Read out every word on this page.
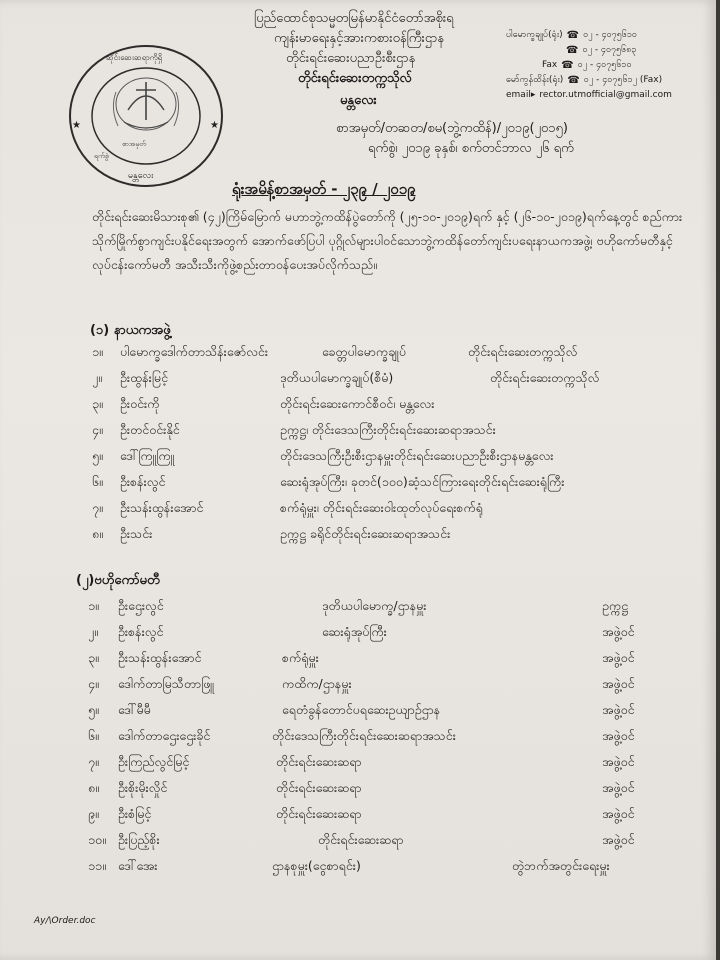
★	★
ဆိုင်းဆေးဆရာကိုရှိ
စာအမှတ်
ရက်စွဲ
မန္တလေး
ပြည်ထောင်စုသမ္မတမြန်မာနိုင်ငံတော်အစိုးရ
ကျန်းမာရေးနှင့်အားကစားဝန်ကြီးဌာန
တိုင်းရင်းဆေးပညာဦးစီးဌာန
တိုင်းရင်းဆေးတက္ကသိုလ်
မန္တလေး
စာအမှတ်/တဆတ/စမ(ဘွဲ့ကထိန်)/၂၀၁၉(၂၀၁၅)
ရက်စွဲ၊ ၂၀၁၉ ခုနှစ်၊ စက်တင်ဘာလ ၂၆ ရက်
ပါမောက္ခချုပ်(ရုံး) ☎ ၀၂ - ၄၀၇၅၆၁၀
☎ ၀၂ - ၄၀၇၅၆၈၃
Fax ☎ ၀၂ - ၄၀၇၅၆၁၀
မော်ကွန်ထိန်း(ရုံး) ☎ ၀၂ - ၄၀၇၅၆၁၂ (Fax)
email▸ rector.utmofficial@gmail.com
ရုံးအမိန့်စာအမှတ် - ၂၃၉ / ၂၀၁၉
တိုင်းရင်းဆေးမိသားစု၏ (၄၂)ကြိမ်မြောက် မဟာဘွဲ့ကထိန်ပွဲတော်ကို (၂၅-၁၀-၂၀၁၉)ရက် နှင့် (၂၆-၁၀-၂၀၁၉)ရက်နေ့တွင် စည်ကားသိုက်မြိုက်စွာကျင်းပနိုင်ရေးအတွက် အောက်ဖော်ပြပါ ပုဂ္ဂိုလ်များပါဝင်သောဘွဲ့ကထိန်တော်ကျင်းပရေးနာယကအဖွဲ့၊ ဗဟိုကော်မတီနှင့် လုပ်ငန်းကော်မတီ အသီးသီးကိုဖွဲ့စည်းတာဝန်ပေးအပ်လိုက်သည်။
(၁) နာယကအဖွဲ့
၁။ ပါမောက္ခဒေါက်တာသိန်းဇော်လင်း	ခေတ္တပါမောက္ခချုပ်	တိုင်းရင်းဆေးတက္ကသိုလ်
၂။ ဦးထွန်းမြင့်	ဒုတိယပါမောက္ခချုပ်(စီမံ)	တိုင်းရင်းဆေးတက္ကသိုလ်
၃။ ဦးဝင်းကို	တိုင်းရင်းဆေးကောင်စီဝင်၊ မန္တလေး
၄။ ဦးတင်ဝင်းနိုင်	ဥက္ကဋ္ဌ၊ တိုင်းဒေသကြီးတိုင်းရင်းဆေးဆရာအသင်း
၅။ ဒေါ်ကြူကြူ	တိုင်းဒေသကြီးဦးစီးဌာနမှူးတိုင်းရင်းဆေးပညာဦးစီးဌာနမန္တလေး
၆။ ဦးစန်းလွင်	ဆေးရုံအုပ်ကြီး၊ ခုတင်(၁၀၀)ဆံ့သင်ကြားရေးတိုင်းရင်းဆေးရုံကြီး
၇။ ဦးသန်းထွန်းအောင်	စက်ရုံမှူး၊ တိုင်းရင်းဆေးဝါးထုတ်လုပ်ရေးစက်ရုံ
၈။ ဦးသင်း	ဥက္ကဋ္ဌ ခရိုင်တိုင်းရင်းဆေးဆရာအသင်း
(၂)ဗဟိုကော်မတီ
၁။ ဦးဌေးလွင်	ဒုတိယပါမောက္ခ/ဌာနမှူး	ဥက္ကဋ္ဌ
၂။ ဦးစန်းလွင်	ဆေးရုံအုပ်ကြီး	အဖွဲ့ဝင်
၃။ ဦးသန်းထွန်းအောင်	စက်ရုံမှူး	အဖွဲ့ဝင်
၄။ ဒေါက်တာမြသီတာဖြူ	ကထိက/ဌာနမှူး	အဖွဲ့ဝင်
၅။ ဒေါ်မီမီ	ရေတံခွန်တောင်ပရဆေးဥယျာဉ်ဌာန	အဖွဲ့ဝင်
၆။ ဒေါက်တာဌေးဌေးခိုင်	တိုင်းဒေသကြီးတိုင်းရင်းဆေးဆရာအသင်း	အဖွဲ့ဝင်
၇။ ဦးကြည်လွင်မြင့်	တိုင်းရင်းဆေးဆရာ	အဖွဲ့ဝင်
၈။ ဦးစိုးမိုးလှိုင်	တိုင်းရင်းဆေးဆရာ	အဖွဲ့ဝင်
၉။ ဦးစံမြင့်	တိုင်းရင်းဆေးဆရာ	အဖွဲ့ဝင်
၁၀။ ဦးပြည့်စိုး	တိုင်းရင်းဆေးဆရာ	အဖွဲ့ဝင်
၁၁။ ဒေါ်အေး	ဌာနစုမှူး(ငွေစာရင်း)	တွဲဘက်အတွင်းရေးမှူး
Ay/\Order.doc
